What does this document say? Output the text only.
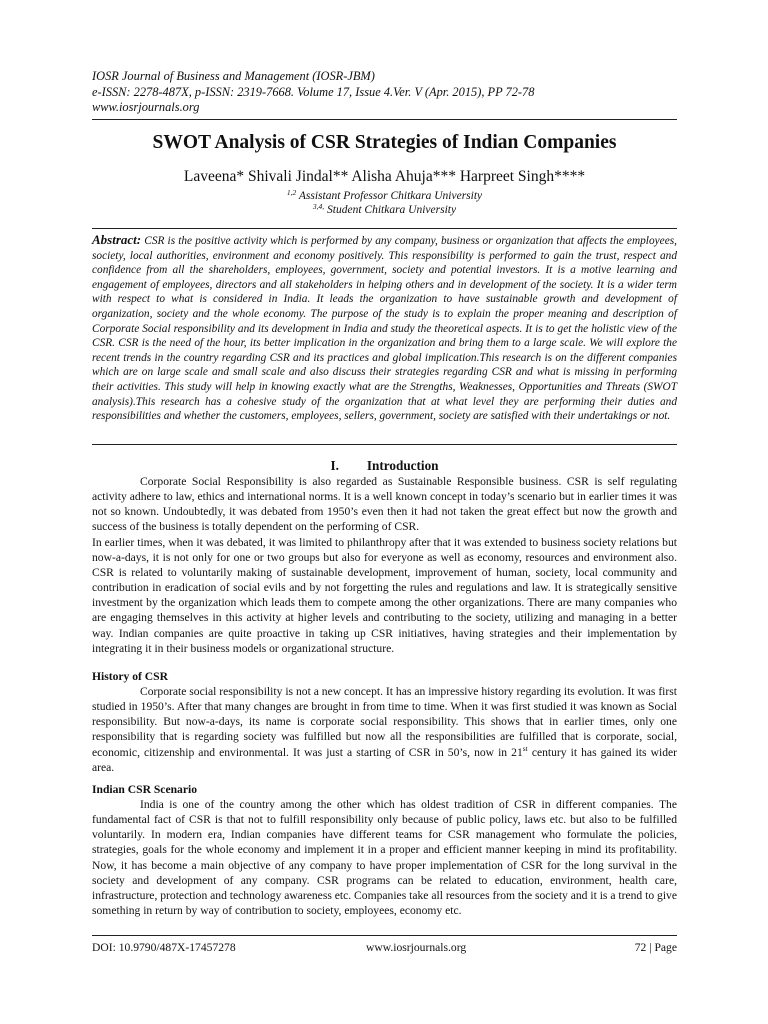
IOSR Journal of Business and Management (IOSR-JBM)
e-ISSN: 2278-487X, p-ISSN: 2319-7668. Volume 17, Issue 4.Ver. V (Apr. 2015), PP 72-78
www.iosrjournals.org
SWOT Analysis of CSR Strategies of Indian Companies
Laveena* Shivali Jindal** Alisha Ahuja*** Harpreet Singh****
$^{1,2}$ Assistant Professor Chitkara University
$^{3,4,}$ Student Chitkara University
Abstract: CSR is the positive activity which is performed by any company, business or organization that affects the employees, society, local authorities, environment and economy positively. This responsibility is performed to gain the trust, respect and confidence from all the shareholders, employees, government, society and potential investors. It is a motive learning and engagement of employees, directors and all stakeholders in helping others and in development of the society. It is a wider term with respect to what is considered in India. It leads the organization to have sustainable growth and development of organization, society and the whole economy. The purpose of the study is to explain the proper meaning and description of Corporate Social responsibility and its development in India and study the theoretical aspects. It is to get the holistic view of the CSR. CSR is the need of the hour, its better implication in the organization and bring them to a large scale. We will explore the recent trends in the country regarding CSR and its practices and global implication.This research is on the different companies which are on large scale and small scale and also discuss their strategies regarding CSR and what is missing in performing their activities. This study will help in knowing exactly what are the Strengths, Weaknesses, Opportunities and Threats (SWOT analysis).This research has a cohesive study of the organization that at what level they are performing their duties and responsibilities and whether the customers, employees, sellers, government, society are satisfied with their undertakings or not.
I. Introduction

Corporate Social Responsibility is also regarded as Sustainable Responsible business. CSR is self regulating activity adhere to law, ethics and international norms. It is a well known concept in today’s scenario but in earlier times it was not so known. Undoubtedly, it was debated from 1950’s even then it had not taken the great effect but now the growth and success of the business is totally dependent on the performing of CSR.

In earlier times, when it was debated, it was limited to philanthropy after that it was extended to business society relations but now-a-days, it is not only for one or two groups but also for everyone as well as economy, resources and environment also. CSR is related to voluntarily making of sustainable development, improvement of human, society, local community and contribution in eradication of social evils and by not forgetting the rules and regulations and law. It is strategically sensitive investment by the organization which leads them to compete among the other organizations. There are many companies who are engaging themselves in this activity at higher levels and contributing to the society, utilizing and managing in a better way. Indian companies are quite proactive in taking up CSR initiatives, having strategies and their implementation by integrating it in their business models or organizational structure.

History of CSR

Corporate social responsibility is not a new concept. It has an impressive history regarding its evolution. It was first studied in 1950’s. After that many changes are brought in from time to time. When it was first studied it was known as Social responsibility. But now-a-days, its name is corporate social responsibility. This shows that in earlier times, only one responsibility that is regarding society was fulfilled but now all the responsibilities are fulfilled that is corporate, social, economic, citizenship and environmental. It was just a starting of CSR in 50’s, now in 21st century it has gained its wider area.

Indian CSR Scenario

India is one of the country among the other which has oldest tradition of CSR in different companies. The fundamental fact of CSR is that not to fulfill responsibility only because of public policy, laws etc. but also to be fulfilled voluntarily. In modern era, Indian companies have different teams for CSR management who formulate the policies, strategies, goals for the whole economy and implement it in a proper and efficient manner keeping in mind its profitability. Now, it has become a main objective of any company to have proper implementation of CSR for the long survival in the society and development of any company. CSR programs can be related to education, environment, health care, infrastructure, protection and technology awareness etc. Companies take all resources from the society and it is a trend to give something in return by way of contribution to society, employees, economy etc.

DOI: 10.9790/487X-17457278	www.iosrjournals.org	72 | Page
